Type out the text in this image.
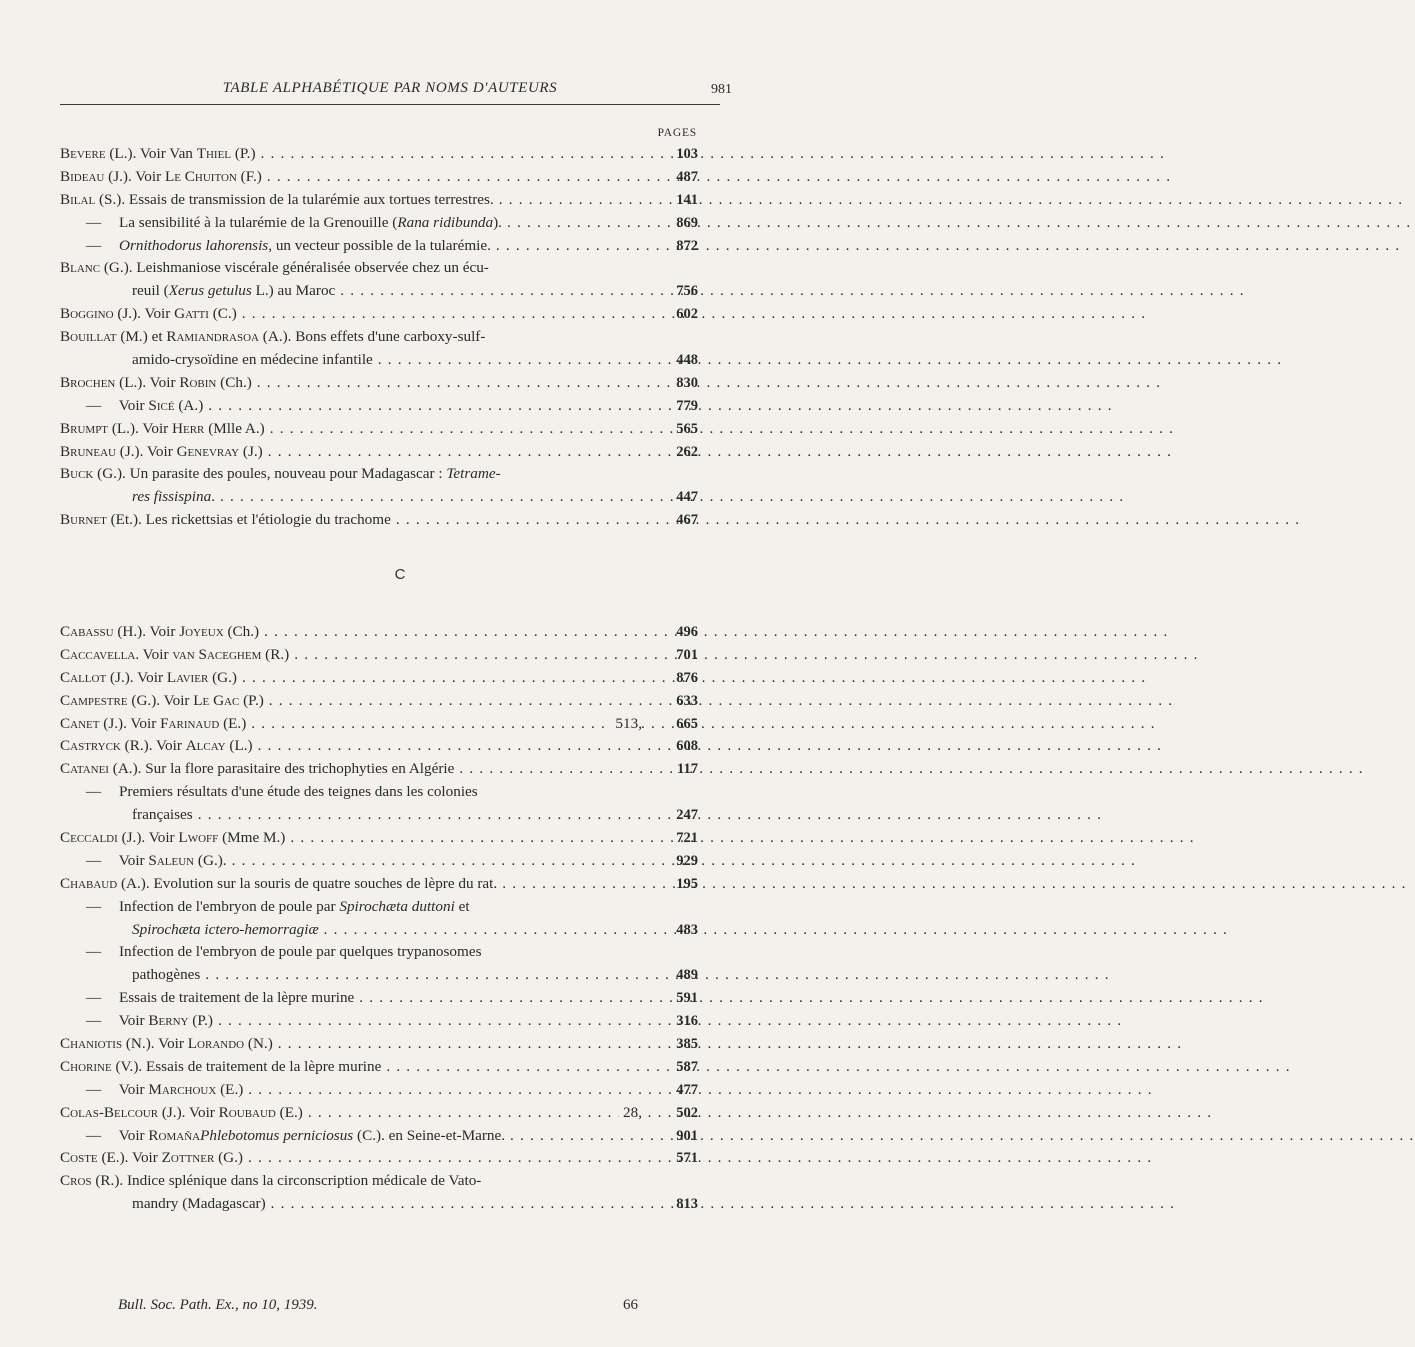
TABLE ALPHABÉTIQUE PAR NOMS D'AUTEURS	981
PAGES
Bevere (L.). Voir Van Thiel (P.) . . .	103
Bideau (J.). Voir Le Chuiton (F.) . . .	487
Bilal (S.). Essais de transmission de la tularémie aux tortues terrestres. . . .	141
— La sensibilité à la tularémie de la Grenouille (Rana ridibunda). . . .	869
— Ornithodorus lahorensis, un vecteur possible de la tularémie. . . .	872
Blanc (G.). Leishmaniose viscérale généralisée observée chez un écu-
reuil (Xerus getulus L.) au Maroc . . .	756
Boggino (J.). Voir Gatti (C.) . . .	602
Bouillat (M.) et Ramiandrasoa (A.). Bons effets d'une carboxy-sulf-
amido-crysoïdine en médecine infantile . . .	448
Brochen (L.). Voir Robin (Ch.) . . .	830
— Voir Sicé (A.) . . .	779
Brumpt (L.). Voir Herr (Mlle A.) . . .	565
Bruneau (J.). Voir Genevray (J.) . . .	262
Buck (G.). Un parasite des poules, nouveau pour Madagascar : Tetrame-
res fissispina. . . .	447
Burnet (Et.). Les rickettsias et l'étiologie du trachome . . .	467
C
Cabassu (H.). Voir Joyeux (Ch.) . . .	496
Caccavella. Voir van Saceghem (R.) . . .	701
Callot (J.). Voir Lavier (G.) . . .	876
Campestre (G.). Voir Le Gac (P.) . . .	633
Canet (J.). Voir Farinaud (E.) . . .	513,	665
Castryck (R.). Voir Alcay (L.) . . .	608
Catanei (A.). Sur la flore parasitaire des trichophyties en Algérie . . .	117
— Premiers résultats d'une étude des teignes dans les colonies
françaises . . .	247
Ceccaldi (J.). Voir Lwoff (Mme M.) . . .	721
— Voir Saleun (G.). . . .	929
Chabaud (A.). Evolution sur la souris de quatre souches de lèpre du rat. . . .	195
— Infection de l'embryon de poule par Spirochæta duttoni et
Spirochæta ictero-hemorragiæ . . .	483
— Infection de l'embryon de poule par quelques trypanosomes
pathogènes . . .	489
— Essais de traitement de la lèpre murine . . .	591
— Voir Berny (P.) . . .	316
Chaniotis (N.). Voir Lorando (N.) . . .	385
Chorine (V.). Essais de traitement de la lèpre murine . . .	587
— Voir Marchoux (E.) . . .	477
Colas-Belcour (J.). Voir Roubaud (E.) . . .	28,	502
— Voir RomañaPhlebotomus perniciosus (C.). en Seine-et-Marne. . . .	901
Coste (E.). Voir Zottner (G.) . . .	571
Cros (R.). Indice splénique dans la circonscription médicale de Vato-
mandry (Madagascar) . . .	813
Bull. Soc. Path. Ex., no 10, 1939.	66
